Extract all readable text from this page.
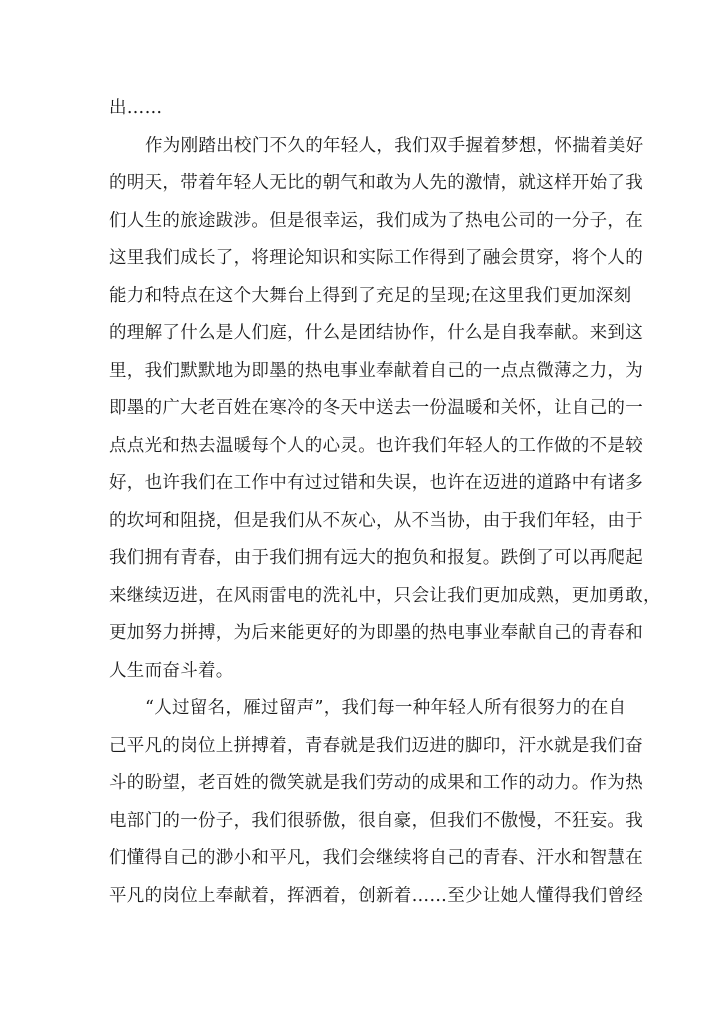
出……
作为刚踏出校门不久的年轻人，我们双手握着梦想，怀揣着美好
的明天，带着年轻人无比的朝气和敢为人先的激情，就这样开始了我
们人生的旅途跋涉。但是很幸运，我们成为了热电公司的一分子，在
这里我们成长了，将理论知识和实际工作得到了融会贯穿，将个人的
能力和特点在这个大舞台上得到了充足的呈现;在这里我们更加深刻
的理解了什么是人们庭，什么是团结协作，什么是自我奉献。来到这
里，我们默默地为即墨的热电事业奉献着自己的一点点微薄之力，为
即墨的广大老百姓在寒冷的冬天中送去一份温暖和关怀，让自己的一
点点光和热去温暖每个人的心灵。也许我们年轻人的工作做的不是较
好，也许我们在工作中有过过错和失误，也许在迈进的道路中有诸多
的坎坷和阻挠，但是我们从不灰心，从不当协，由于我们年轻，由于
我们拥有青春，由于我们拥有远大的抱负和报复。跌倒了可以再爬起
来继续迈进，在风雨雷电的洗礼中，只会让我们更加成熟，更加勇敢，
更加努力拼搏，为后来能更好的为即墨的热电事业奉献自己的青春和
人生而奋斗着。
“人过留名，雁过留声”，我们每一种年轻人所有很努力的在自
己平凡的岗位上拼搏着，青春就是我们迈进的脚印，汗水就是我们奋
斗的盼望，老百姓的微笑就是我们劳动的成果和工作的动力。作为热
电部门的一份子，我们很骄傲，很自豪，但我们不傲慢，不狂妄。我
们懂得自己的渺小和平凡，我们会继续将自己的青春、汗水和智慧在
平凡的岗位上奉献着，挥洒着，创新着……至少让她人懂得我们曾经
